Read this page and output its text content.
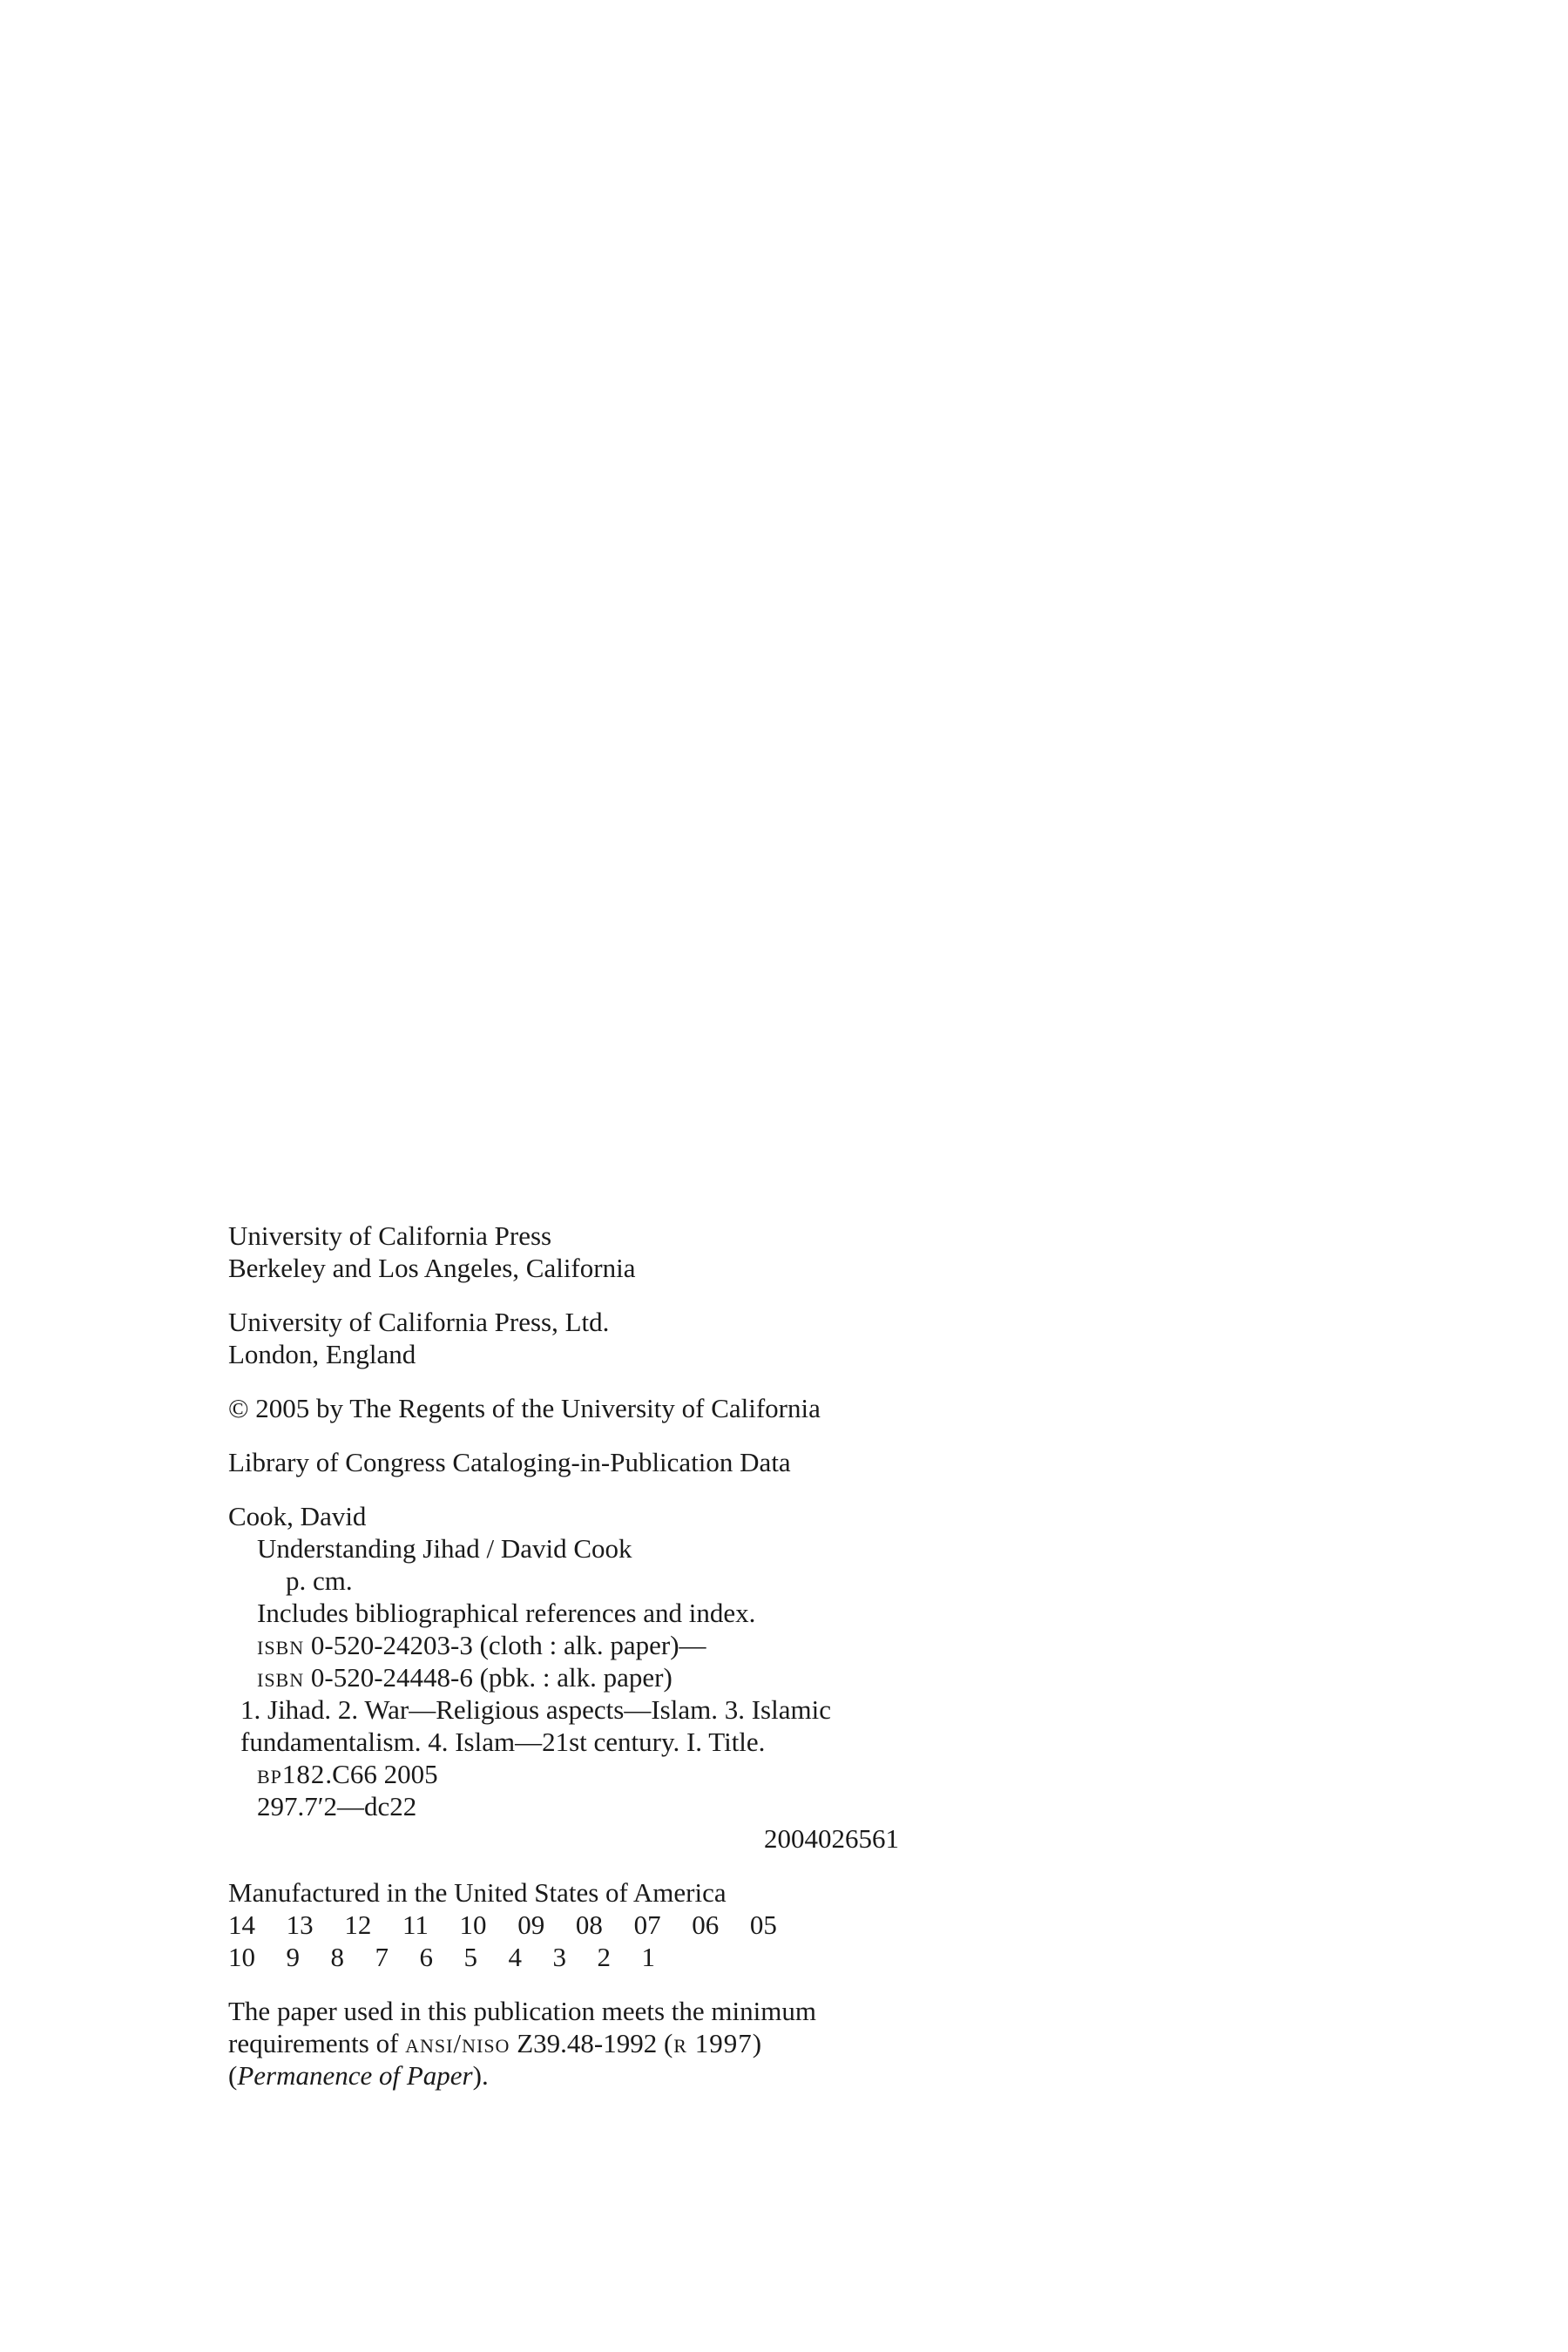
University of California Press

Berkeley and Los Angeles, California

University of California Press, Ltd.

London, England

© 2005 by The Regents of the University of California

Library of Congress Cataloging-in-Publication Data

Cook, David

Understanding Jihad / David Cook

p. cm.

Includes bibliographical references and index.

isbn 0-520-24203-3 (cloth : alk. paper)—

isbn 0-520-24448-6 (pbk. : alk. paper)

1. Jihad. 2. War—Religious aspects—Islam. 3. Islamic

fundamentalism. 4. Islam—21st century. I. Title.

bp182.C66 2005

297.7′2—dc22

2004026561

Manufactured in the United States of America

14 13 12 11 10 09 08 07 06 05
10 9 8 7 6 5 4 3 2 1

The paper used in this publication meets the minimum

requirements of ansi/niso Z39.48-1992 (r 1997)

(Permanence of Paper).
